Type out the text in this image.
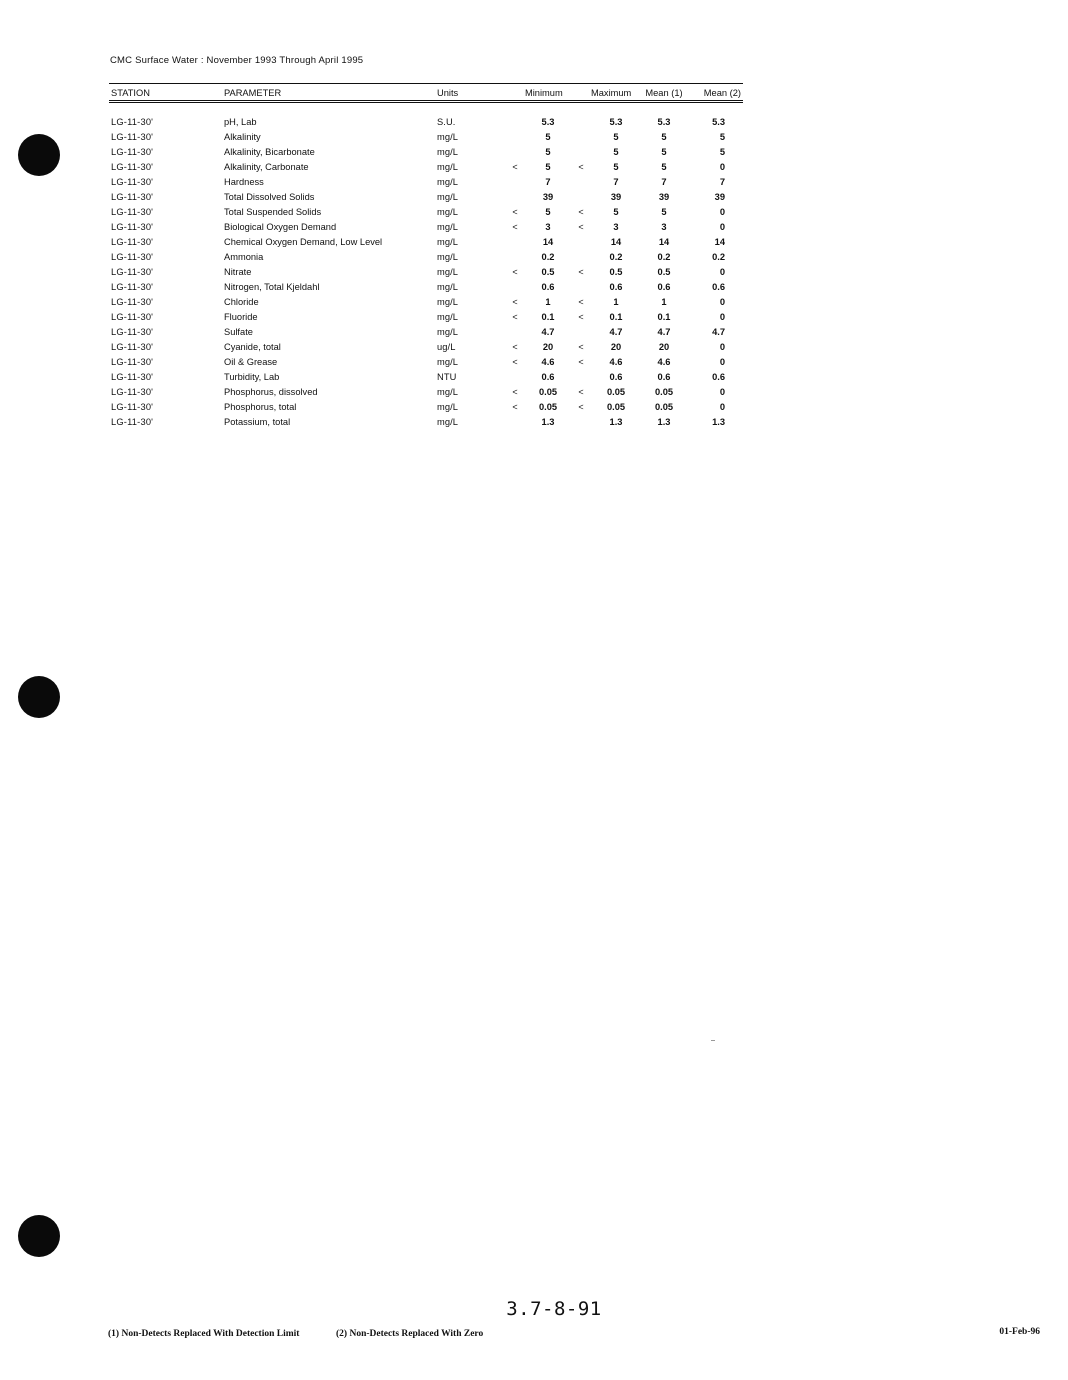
CMC Surface Water : November 1993 Through April 1995
STATION	PARAMETER	Units	Minimum			Maximum	Mean (1)	Mean (2)

LG-11-30'	pH, Lab	S.U.		5.3		5.3	5.3	5.3
LG-11-30'	Alkalinity	mg/L		5		5	5	5
LG-11-30'	Alkalinity, Bicarbonate	mg/L		5		5	5	5
LG-11-30'	Alkalinity, Carbonate	mg/L	<	5	<	5	5	0
LG-11-30'	Hardness	mg/L		7		7	7	7
LG-11-30'	Total Dissolved Solids	mg/L		39		39	39	39
LG-11-30'	Total Suspended Solids	mg/L	<	5	<	5	5	0
LG-11-30'	Biological Oxygen Demand	mg/L	<	3	<	3	3	0
LG-11-30'	Chemical Oxygen Demand, Low Level	mg/L		14		14	14	14
LG-11-30'	Ammonia	mg/L		0.2		0.2	0.2	0.2
LG-11-30'	Nitrate	mg/L	<	0.5	<	0.5	0.5	0
LG-11-30'	Nitrogen, Total Kjeldahl	mg/L		0.6		0.6	0.6	0.6
LG-11-30'	Chloride	mg/L	<	1	<	1	1	0
LG-11-30'	Fluoride	mg/L	<	0.1	<	0.1	0.1	0
LG-11-30'	Sulfate	mg/L		4.7		4.7	4.7	4.7
LG-11-30'	Cyanide, total	ug/L	<	20	<	20	20	0
LG-11-30'	Oil & Grease	mg/L	<	4.6	<	4.6	4.6	0
LG-11-30'	Turbidity, Lab	NTU		0.6		0.6	0.6	0.6
LG-11-30'	Phosphorus, dissolved	mg/L	<	0.05	<	0.05	0.05	0
LG-11-30'	Phosphorus, total	mg/L	<	0.05	<	0.05	0.05	0
LG-11-30'	Potassium, total	mg/L		1.3		1.3	1.3	1.3
3.7-8-91
(1) Non-Detects Replaced With Detection Limit	(2) Non-Detects Replaced With Zero	01-Feb-96
